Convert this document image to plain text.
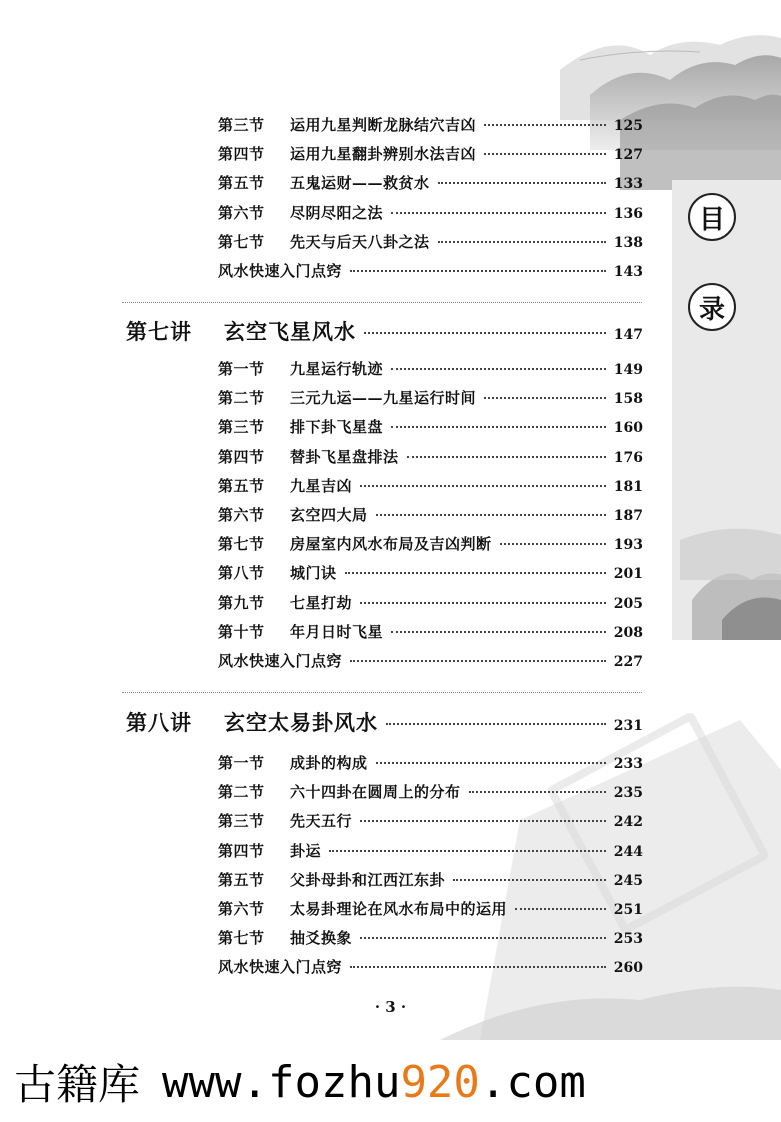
目
录
第三节	运用九星判断龙脉结穴吉凶	125
第四节	运用九星翻卦辨别水法吉凶	127
第五节	五鬼运财——救贫水	133
第六节	尽阴尽阳之法	136
第七节	先天与后天八卦之法	138
风水快速入门点窍	143
第七讲	玄空飞星风水	147
第一节	九星运行轨迹	149
第二节	三元九运——九星运行时间	158
第三节	排下卦飞星盘	160
第四节	替卦飞星盘排法	176
第五节	九星吉凶	181
第六节	玄空四大局	187
第七节	房屋室内风水布局及吉凶判断	193
第八节	城门诀	201
第九节	七星打劫	205
第十节	年月日时飞星	208
风水快速入门点窍	227
第八讲	玄空太易卦风水	231
第一节	成卦的构成	233
第二节	六十四卦在圆周上的分布	235
第三节	先天五行	242
第四节	卦运	244
第五节	父卦母卦和江西江东卦	245
第六节	太易卦理论在风水布局中的运用	251
第七节	抽爻换象	253
风水快速入门点窍	260
· 3 ·
古籍库 www. fozhu 920 .com
